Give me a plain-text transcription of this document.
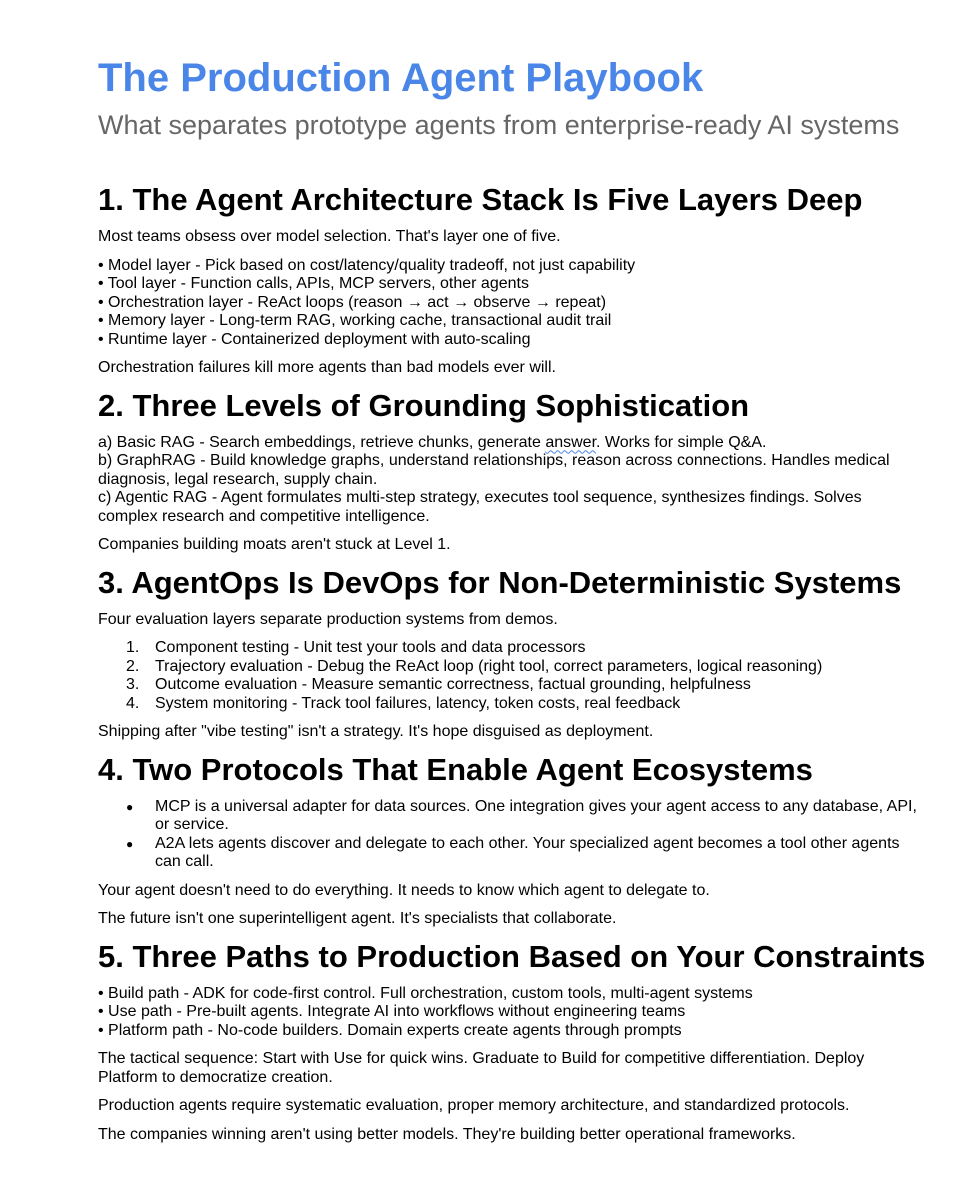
The Production Agent Playbook
What separates prototype agents from enterprise-ready AI systems
1. The Agent Architecture Stack Is Five Layers Deep

Most teams obsess over model selection. That's layer one of five.

• Model layer - Pick based on cost/latency/quality tradeoff, not just capability

• Tool layer - Function calls, APIs, MCP servers, other agents

• Orchestration layer - ReAct loops (reason → act → observe → repeat)

• Memory layer - Long-term RAG, working cache, transactional audit trail

• Runtime layer - Containerized deployment with auto-scaling

Orchestration failures kill more agents than bad models ever will.

2. Three Levels of Grounding Sophistication

a) Basic RAG - Search embeddings, retrieve chunks, generate answer. Works for simple Q&A.

b) GraphRAG - Build knowledge graphs, understand relationships, reason across connections. Handles medical

diagnosis, legal research, supply chain.

c) Agentic RAG - Agent formulates multi-step strategy, executes tool sequence, synthesizes findings. Solves

complex research and competitive intelligence.

Companies building moats aren't stuck at Level 1.

3. AgentOps Is DevOps for Non-Deterministic Systems

Four evaluation layers separate production systems from demos.

1. Component testing - Unit test your tools and data processors

2. Trajectory evaluation - Debug the ReAct loop (right tool, correct parameters, logical reasoning)

3. Outcome evaluation - Measure semantic correctness, factual grounding, helpfulness

4. System monitoring - Track tool failures, latency, token costs, real feedback

Shipping after "vibe testing" isn't a strategy. It's hope disguised as deployment.

4. Two Protocols That Enable Agent Ecosystems
● MCP is a universal adapter for data sources. One integration gives your agent access to any database, API,

or service.

● A2A lets agents discover and delegate to each other. Your specialized agent becomes a tool other agents

can call.

Your agent doesn't need to do everything. It needs to know which agent to delegate to.

The future isn't one superintelligent agent. It's specialists that collaborate.

5. Three Paths to Production Based on Your Constraints

• Build path - ADK for code-first control. Full orchestration, custom tools, multi-agent systems

• Use path - Pre-built agents. Integrate AI into workflows without engineering teams

• Platform path - No-code builders. Domain experts create agents through prompts

The tactical sequence: Start with Use for quick wins. Graduate to Build for competitive differentiation. Deploy

Platform to democratize creation.

Production agents require systematic evaluation, proper memory architecture, and standardized protocols.

The companies winning aren't using better models. They're building better operational frameworks.
